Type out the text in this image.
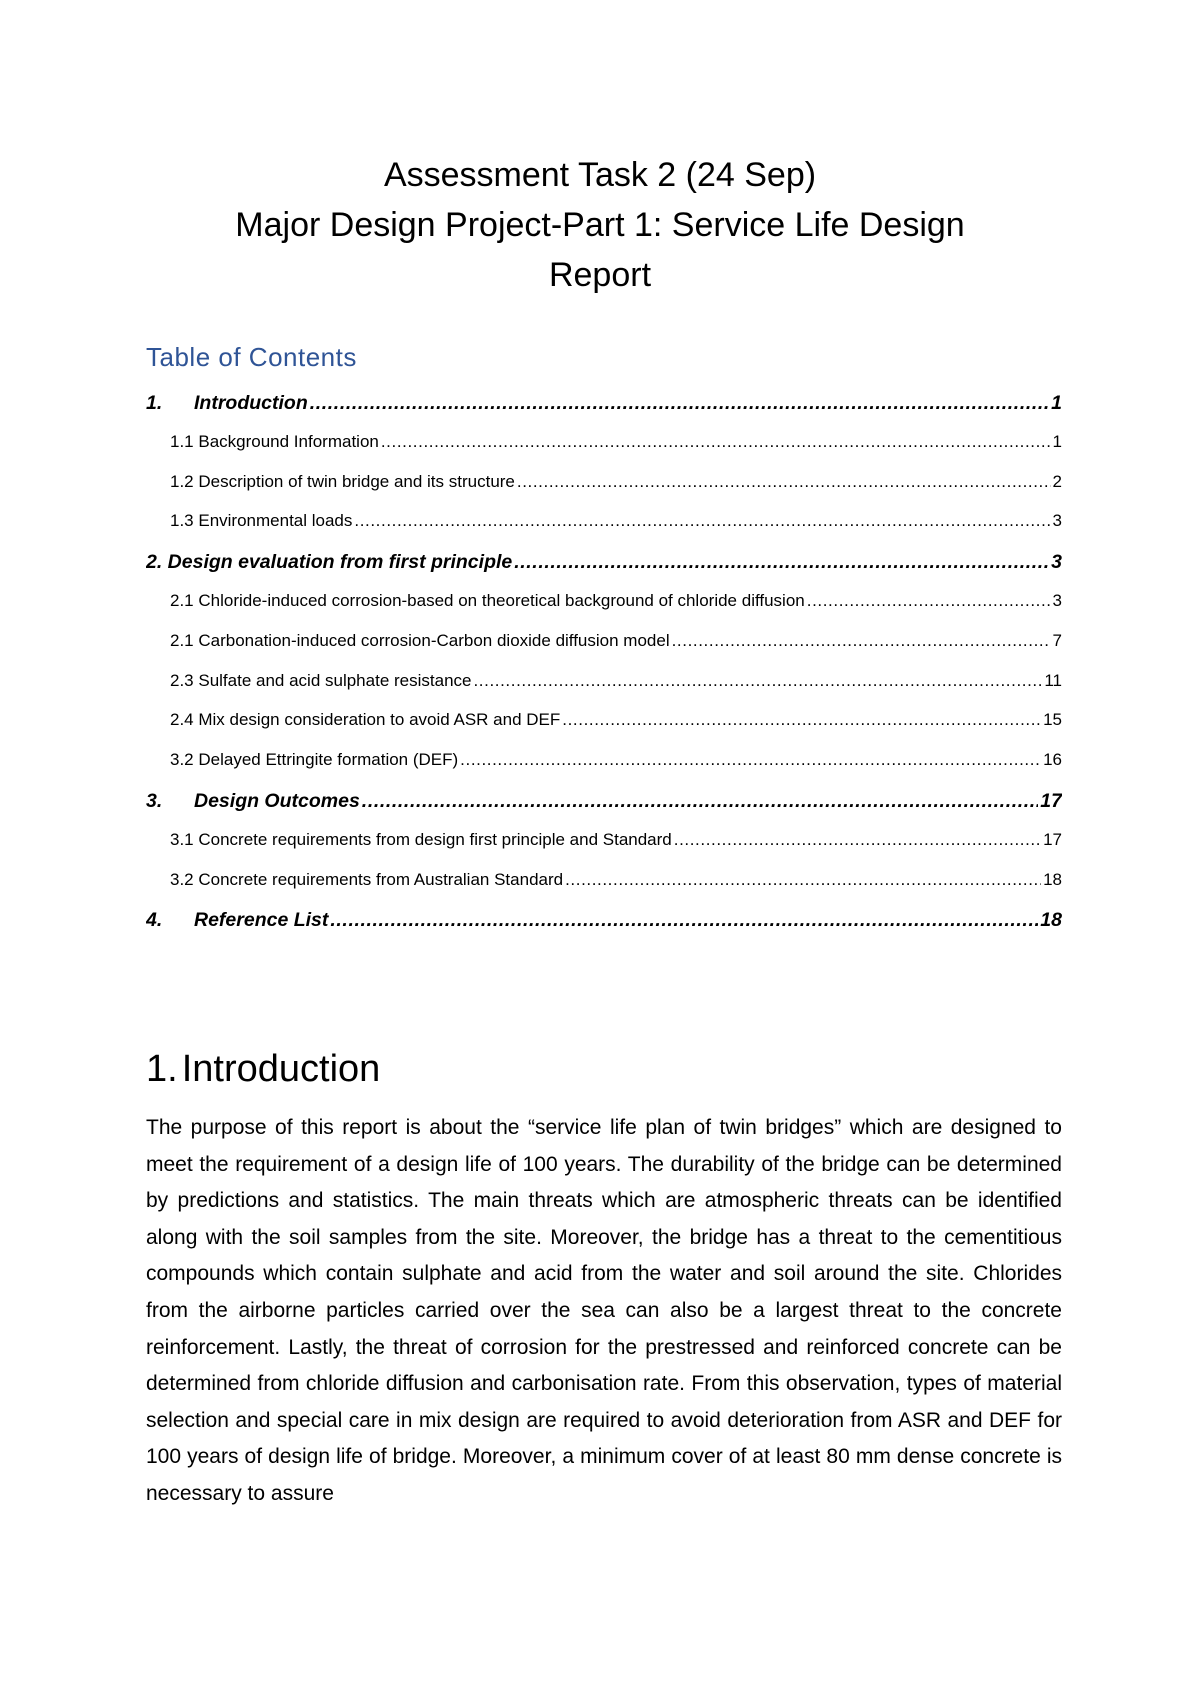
Assessment Task 2 (24 Sep)

Major Design Project-Part 1: Service Life Design

Report

Table of Contents
1.	Introduction .....	1
1.1 Background Information .....	1
1.2 Description of twin bridge and its structure .....	2
1.3 Environmental loads .....	3
2. Design evaluation from first principle .....	3
2.1 Chloride-induced corrosion-based on theoretical background of chloride diffusion .....	3
2.1 Carbonation-induced corrosion-Carbon dioxide diffusion model .....	7
2.3 Sulfate and acid sulphate resistance .....	11
2.4 Mix design consideration to avoid ASR and DEF .....	15
3.2 Delayed Ettringite formation (DEF) .....	16
3.	Design Outcomes .....	17
3.1 Concrete requirements from design first principle and Standard .....	17
3.2 Concrete requirements from Australian Standard .....	18
4.	Reference List .....	18
1. Introduction

The purpose of this report is about the “service life plan of twin bridges” which are designed to meet the requirement of a design life of 100 years. The durability of the bridge can be determined by predictions and statistics. The main threats which are atmospheric threats can be identified along with the soil samples from the site. Moreover, the bridge has a threat to the cementitious compounds which contain sulphate and acid from the water and soil around the site. Chlorides from the airborne particles carried over the sea can also be a largest threat to the concrete reinforcement. Lastly, the threat of corrosion for the prestressed and reinforced concrete can be determined from chloride diffusion and carbonisation rate. From this observation, types of material selection and special care in mix design are required to avoid deterioration from ASR and DEF for 100 years of design life of bridge. Moreover, a minimum cover of at least 80 mm dense concrete is necessary to assure
